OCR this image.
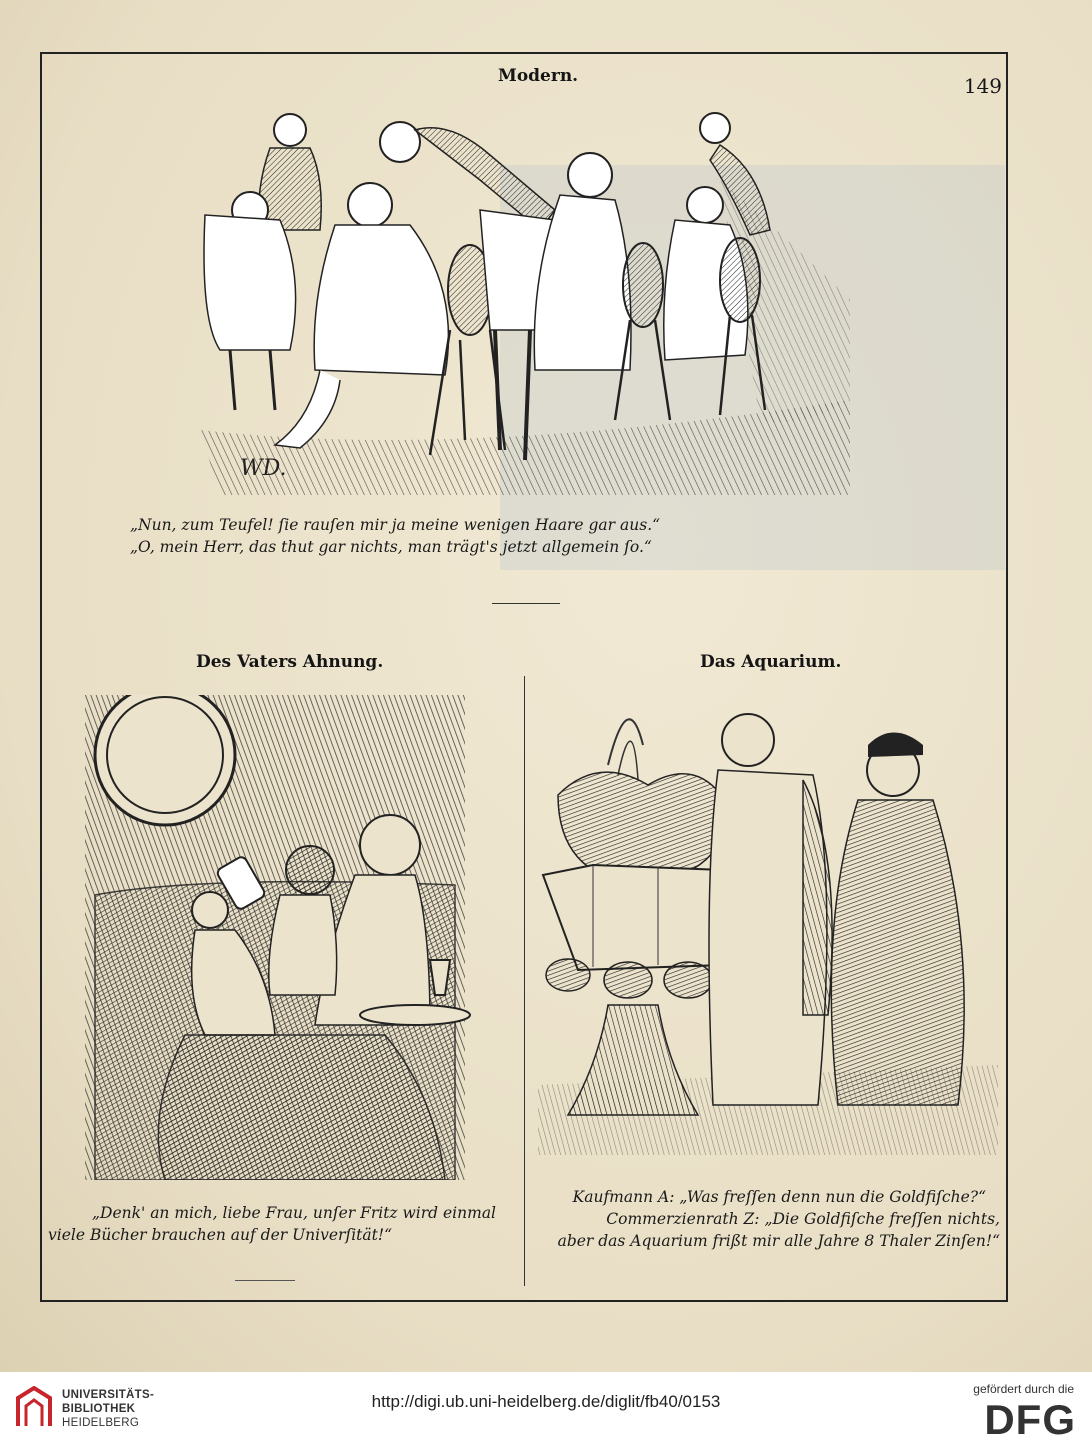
Modern.	149
WD.
„Nun, zum Teufel! ſie rauſen mir ja meine wenigen Haare gar aus.“
„O, mein Herr, das thut gar nichts, man trägt's jetzt allgemein ſo.“
Des Vaters Ahnung.	Das Aquarium.
„Denk' an mich, liebe Frau, unſer Fritz wird einmal
viele Bücher brauchen auf der Univerſität!“
Kaufmann A: „Was freſſen denn nun die Goldfiſche?“
Commerzienrath Z: „Die Goldfiſche freſſen nichts,
aber das Aquarium frißt mir alle Jahre 8 Thaler Zinſen!“
UNIVERSITÄTS-
BIBLIOTHEK
HEIDELBERG
http://digi.ub.uni-heidelberg.de/diglit/fb40/0153
gefördert durch die
DFG
